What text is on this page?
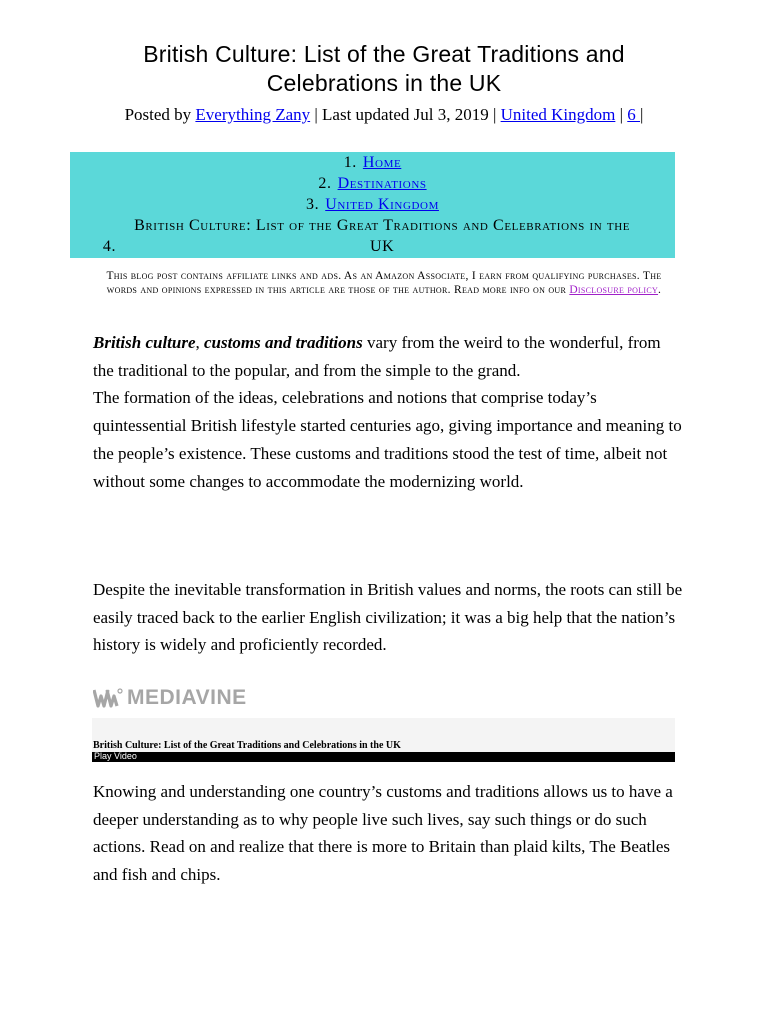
British Culture: List of the Great Traditions and Celebrations in the UK
Posted by Everything Zany | Last updated Jul 3, 2019 | United Kingdom | 6 |
1. Home
2. Destinations
3. United Kingdom
4.British Culture: List of the Great Traditions and Celebrations in the UK
This blog post contains affiliate links and ads. As an Amazon Associate, I earn from qualifying purchases. The words and opinions expressed in this article are those of the author. Read more info on our Disclosure policy.

British culture, customs and traditions vary from the weird to the wonderful, from the traditional to the popular, and from the simple to the grand.
The formation of the ideas, celebrations and notions that comprise today’s quintessential British lifestyle started centuries ago, giving importance and meaning to the people’s existence. These customs and traditions stood the test of time, albeit not without some changes to accommodate the modernizing world.

Despite the inevitable transformation in British values and norms, the roots can still be easily traced back to the earlier English civilization; it was a big help that the nation’s history is widely and proficiently recorded.

MEDIAVINE
British Culture: List of the Great Traditions and Celebrations in the UK
Play Video

Knowing and understanding one country’s customs and traditions allows us to have a deeper understanding as to why people live such lives, say such things or do such actions. Read on and realize that there is more to Britain than plaid kilts, The Beatles and fish and chips.
